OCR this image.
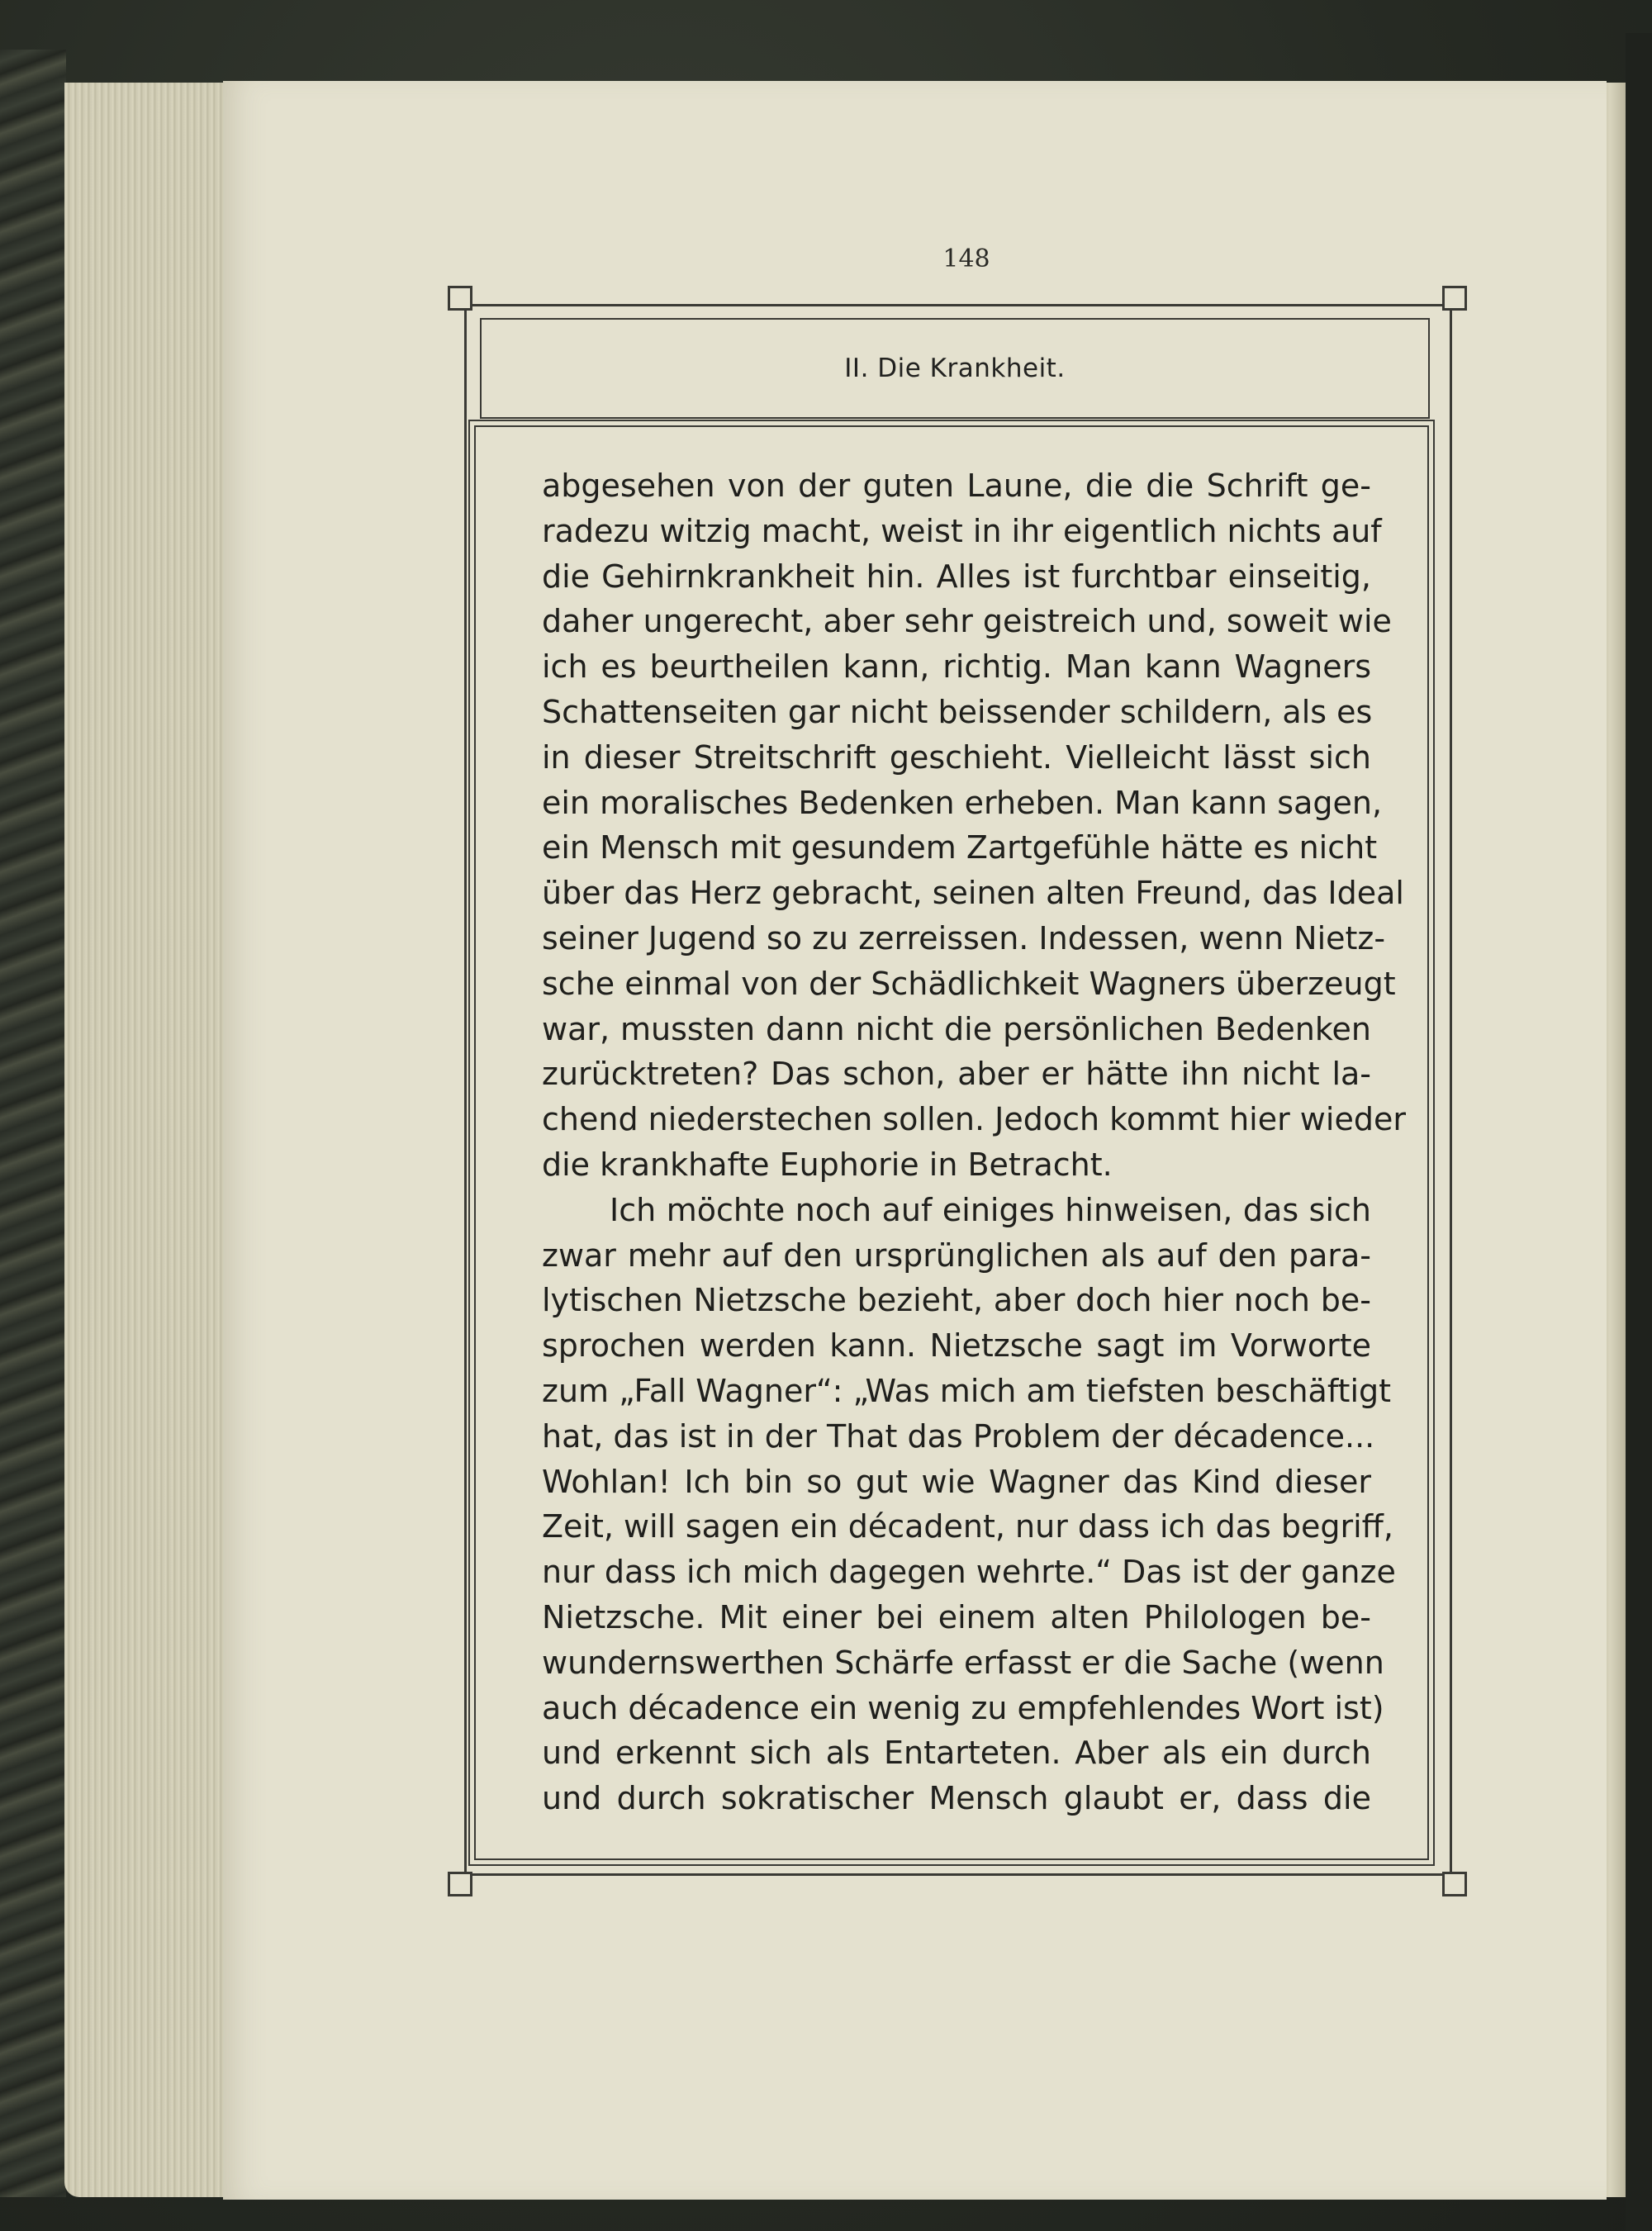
148
II. Die Krankheit.
abgesehen von der guten Laune, die die Schrift ge-
radezu witzig macht, weist in ihr eigentlich nichts auf
die Gehirnkrankheit hin. Alles ist furchtbar einseitig,
daher ungerecht, aber sehr geistreich und, soweit wie
ich es beurtheilen kann, richtig. Man kann Wagners
Schattenseiten gar nicht beissender schildern, als es
in dieser Streitschrift geschieht. Vielleicht lässt sich
ein moralisches Bedenken erheben. Man kann sagen,
ein Mensch mit gesundem Zartgefühle hätte es nicht
über das Herz gebracht, seinen alten Freund, das Ideal
seiner Jugend so zu zerreissen. Indessen, wenn Nietz-
sche einmal von der Schädlichkeit Wagners überzeugt
war, mussten dann nicht die persönlichen Bedenken
zurücktreten? Das schon, aber er hätte ihn nicht la-
chend niederstechen sollen. Jedoch kommt hier wieder
die krankhafte Euphorie in Betracht.
Ich möchte noch auf einiges hinweisen, das sich
zwar mehr auf den ursprünglichen als auf den para-
lytischen Nietzsche bezieht, aber doch hier noch be-
sprochen werden kann. Nietzsche sagt im Vorworte
zum „Fall Wagner“: „Was mich am tiefsten beschäftigt
hat, das ist in der That das Problem der décadence...
Wohlan! Ich bin so gut wie Wagner das Kind dieser
Zeit, will sagen ein décadent, nur dass ich das begriff,
nur dass ich mich dagegen wehrte.“ Das ist der ganze
Nietzsche. Mit einer bei einem alten Philologen be-
wundernswerthen Schärfe erfasst er die Sache (wenn
auch décadence ein wenig zu empfehlendes Wort ist)
und erkennt sich als Entarteten. Aber als ein durch
und durch sokratischer Mensch glaubt er, dass die
